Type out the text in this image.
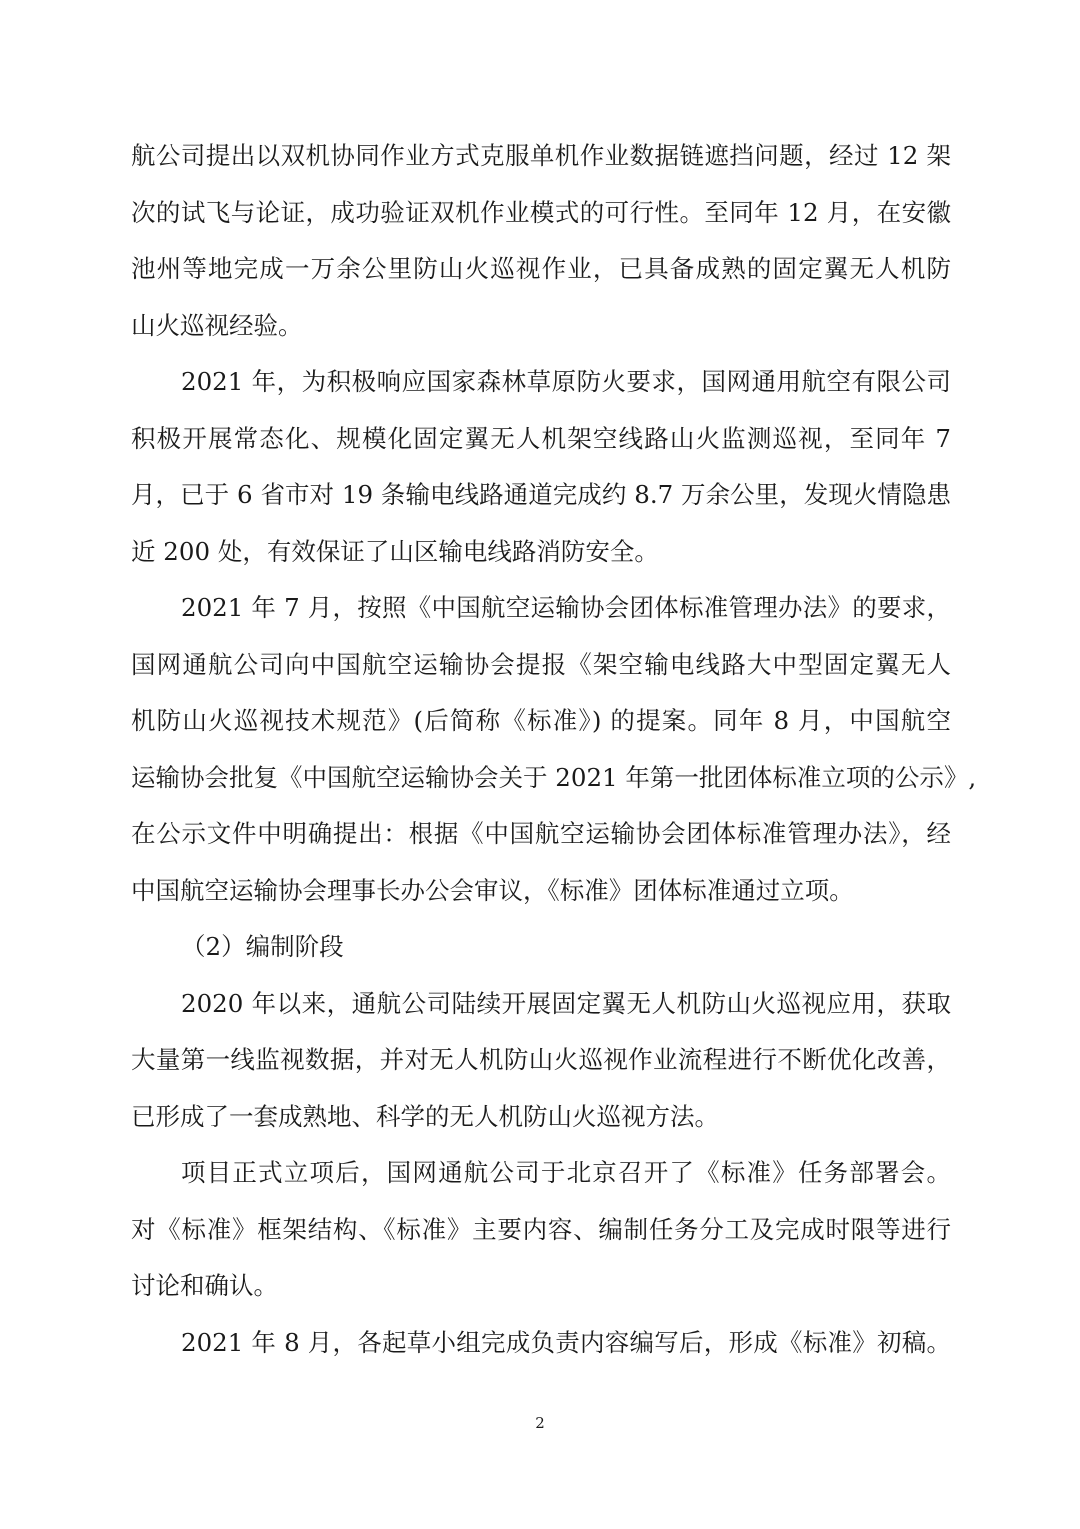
航公司提出以双机协同作业方式克服单机作业数据链遮挡问题，经过 12 架
次的试飞与论证，成功验证双机作业模式的可行性。至同年 12 月，在安徽
池州等地完成一万余公里防山火巡视作业，已具备成熟的固定翼无人机防
山火巡视经验。
2021 年，为积极响应国家森林草原防火要求，国网通用航空有限公司
积极开展常态化、规模化固定翼无人机架空线路山火监测巡视，至同年 7
月，已于 6 省市对 19 条输电线路通道完成约 8.7 万余公里，发现火情隐患
近 200 处，有效保证了山区输电线路消防安全。
2021 年 7 月，按照《中国航空运输协会团体标准管理办法》的要求，
国网通航公司向中国航空运输协会提报《架空输电线路大中型固定翼无人
机防山火巡视技术规范》(后简称《标准》) 的提案。同年 8 月，中国航空
运输协会批复《中国航空运输协会关于 2021 年第一批团体标准立项的公示》,
在公示文件中明确提出：根据《中国航空运输协会团体标准管理办法》，经
中国航空运输协会理事长办公会审议，《标准》团体标准通过立项。
（2）编制阶段
2020 年以来，通航公司陆续开展固定翼无人机防山火巡视应用，获取
大量第一线监视数据，并对无人机防山火巡视作业流程进行不断优化改善，
已形成了一套成熟地、科学的无人机防山火巡视方法。
项目正式立项后，国网通航公司于北京召开了《标准》任务部署会。
对《标准》框架结构、《标准》主要内容、编制任务分工及完成时限等进行
讨论和确认。
2021 年 8 月，各起草小组完成负责内容编写后，形成《标准》初稿。
2
